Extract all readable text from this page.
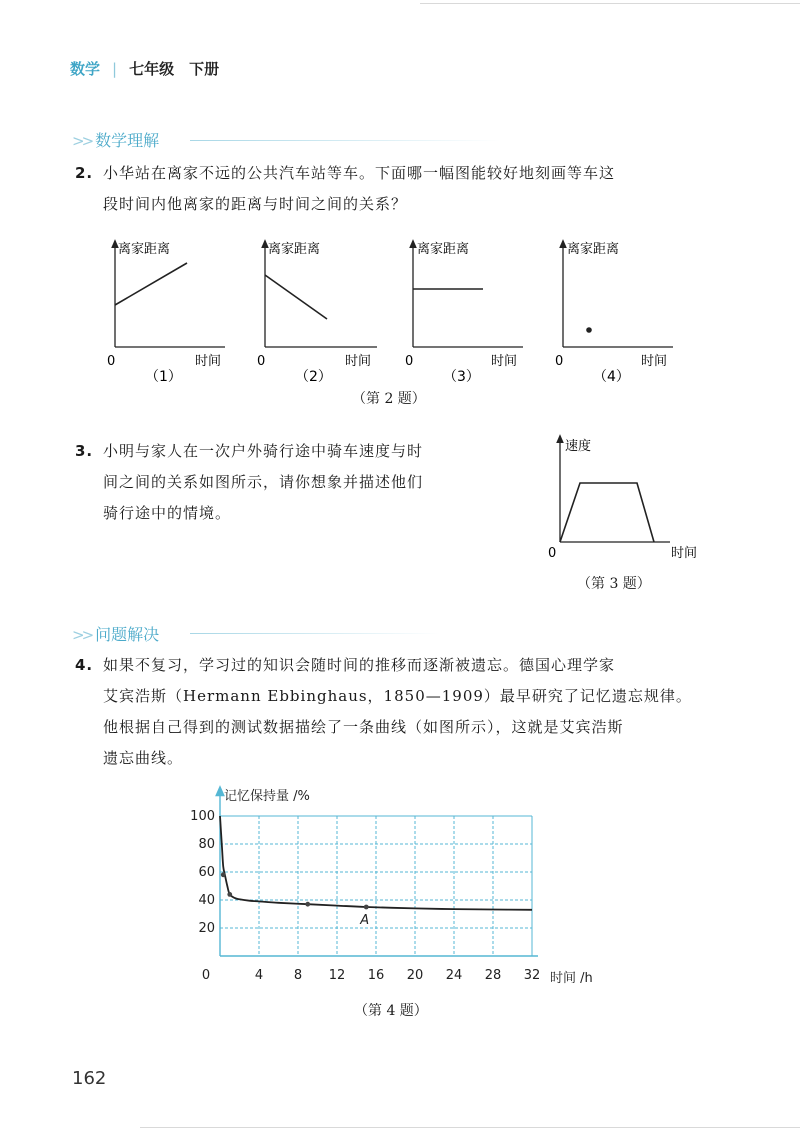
数学 | 七年级　下册
>> 数学理解
2. 小华站在离家不远的公共汽车站等车。下面哪一幅图能较好地刻画等车这
段时间内他离家的距离与时间之间的关系？
离家距离
0	时间
（1）
离家距离
0	时间
（2）
离家距离
0	时间
（3）
离家距离
0	时间
（4）
（第 2 题）
3. 小明与家人在一次户外骑行途中骑车速度与时
间之间的关系如图所示，请你想象并描述他们
骑行途中的情境。
速度
0	时间
（第 3 题）
>> 问题解决
4. 如果不复习，学习过的知识会随时间的推移而逐渐被遗忘。德国心理学家
艾宾浩斯（Hermann Ebbinghaus，1850—1909）最早研究了记忆遗忘规律。
他根据自己得到的测试数据描绘了一条曲线（如图所示），这就是艾宾浩斯
遗忘曲线。
0	4 8 12 16 20 24 28 32
20
40
60
80
100
A
记忆保持量 /%
时间 /h
（第 4 题）
162
